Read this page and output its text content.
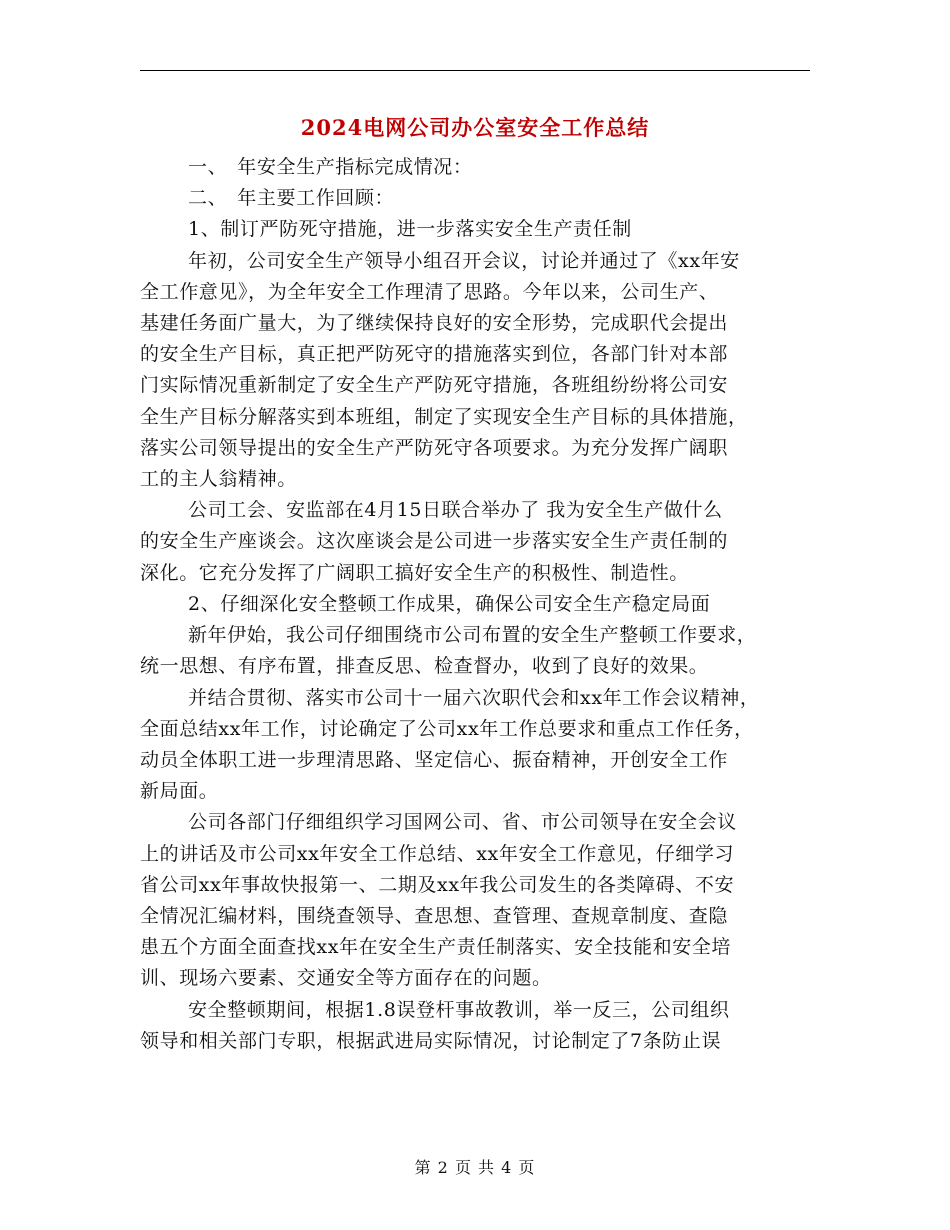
2024电网公司办公室安全工作总结
一、　年安全生产指标完成情况：
二、　年主要工作回顾：
1、制订严防死守措施，进一步落实安全生产责任制
年初，公司安全生产领导小组召开会议，讨论并通过了《xx年安
全工作意见》，为全年安全工作理清了思路。今年以来，公司生产、
基建任务面广量大，为了继续保持良好的安全形势，完成职代会提出
的安全生产目标，真正把严防死守的措施落实到位，各部门针对本部
门实际情况重新制定了安全生产严防死守措施，各班组纷纷将公司安
全生产目标分解落实到本班组，制定了实现安全生产目标的具体措施，
落实公司领导提出的安全生产严防死守各项要求。为充分发挥广阔职
工的主人翁精神。
公司工会、安监部在4月15日联合举办了 我为安全生产做什么
的安全生产座谈会。这次座谈会是公司进一步落实安全生产责任制的
深化。它充分发挥了广阔职工搞好安全生产的积极性、制造性。
2、仔细深化安全整顿工作成果，确保公司安全生产稳定局面
新年伊始，我公司仔细围绕市公司布置的安全生产整顿工作要求，
统一思想、有序布置，排查反思、检查督办，收到了良好的效果。
并结合贯彻、落实市公司十一届六次职代会和xx年工作会议精神，
全面总结xx年工作，讨论确定了公司xx年工作总要求和重点工作任务，
动员全体职工进一步理清思路、坚定信心、振奋精神，开创安全工作
新局面。
公司各部门仔细组织学习国网公司、省、市公司领导在安全会议
上的讲话及市公司xx年安全工作总结、xx年安全工作意见，仔细学习
省公司xx年事故快报第一、二期及xx年我公司发生的各类障碍、不安
全情况汇编材料，围绕查领导、查思想、查管理、查规章制度、查隐
患五个方面全面查找xx年在安全生产责任制落实、安全技能和安全培
训、现场六要素、交通安全等方面存在的问题。
安全整顿期间，根据1.8误登杆事故教训，举一反三，公司组织
领导和相关部门专职，根据武进局实际情况，讨论制定了7条防止误
第 2 页 共 4 页
